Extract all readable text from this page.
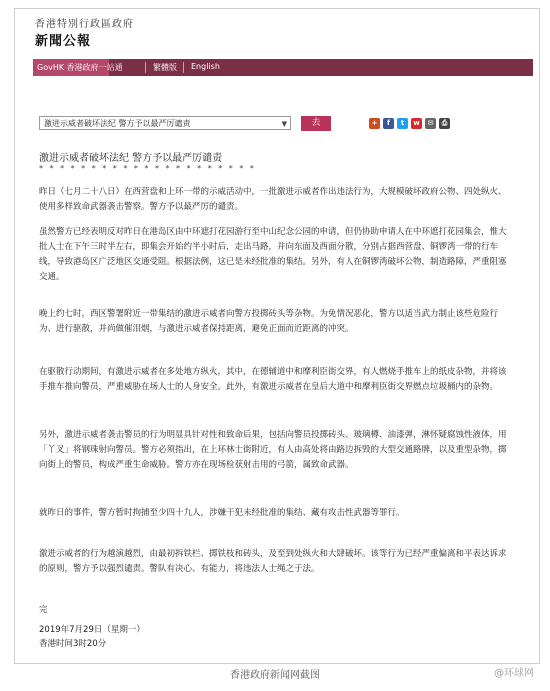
香港特別行政區政府
新聞公報
GovHK 香港政府一站通	繁體版 English
激进示威者破坏法纪 警方予以最严厉谴责	▼	去	+	f	t	w	✉	⎙
激进示威者破坏法纪 警方予以最严厉谴责
* * * * * * * * * * * * * * * * * * * * *
昨日（七月二十八日）在西营盘和上环一带的示威活动中，一批激进示威者作出违法行为，大规模破坏政府公物、四处纵火、使用多样致命武器袭击警察。警方予以最严厉的谴责。
虽然警方已经表明反对昨日在港岛区由中环遮打花园游行至中山纪念公园的申请，但仍协助申请人在中环遮打花园集会，惟大批人士在下午三时半左右，即集会开始约半小时后，走出马路，并向东面及西面分散，分别占据西营盘、铜锣湾一带的行车线，导致港岛区广泛地区交通受阻。根据法例，这已是未经批准的集结。另外，有人在铜锣湾破坏公物，制造路障，严重阻塞交通。
晚上约七时，西区警署附近一带集结的激进示威者向警方投掷砖头等杂物。为免情况恶化，警方以适当武力制止该些危险行为、进行驱散，并尚做催泪烟，与激进示威者保持距离，避免正面而近距离的冲突。
在驱散行动期间，有激进示威者在多处地方纵火，其中，在德辅道中和摩利臣街交界，有人燃烧手推车上的纸皮杂物，并将该手推车推向警员，严重威胁在场人士的人身安全。此外，有激进示威者在皇后大道中和摩利臣街交界燃点垃圾桶内的杂物。
另外，激进示威者袭击警员的行为明显具针对性和致命后果，包括向警员投掷砖头、玻璃樽、油漆弹，淋怀疑腐蚀性液体，用「丫叉」将钢珠射向警员。警方必须指出，在上环林士街附近，有人由高处将由路边拆毁的大型交通路牌，以及重型杂物，掷向街上的警员，构成严重生命威胁。警方亦在现场检获射击用的弓箭，属致命武器。
就昨日的事件，警方暂时拘捕至少四十九人，涉嫌干犯未经批准的集结、藏有攻击性武器等罪行。
激进示威者的行为越演越烈，由最初拆铁栏、掷铁枝和砖头，及至到处纵火和大肆破坏。该等行为已经严重偏离和平表达诉求的原则，警方予以强烈谴责。警队有决心、有能力，将违法人士绳之于法。
完
2019年7月29日（星期一）
香港时间3时20分
香港政府新闻网截图	@环球网
